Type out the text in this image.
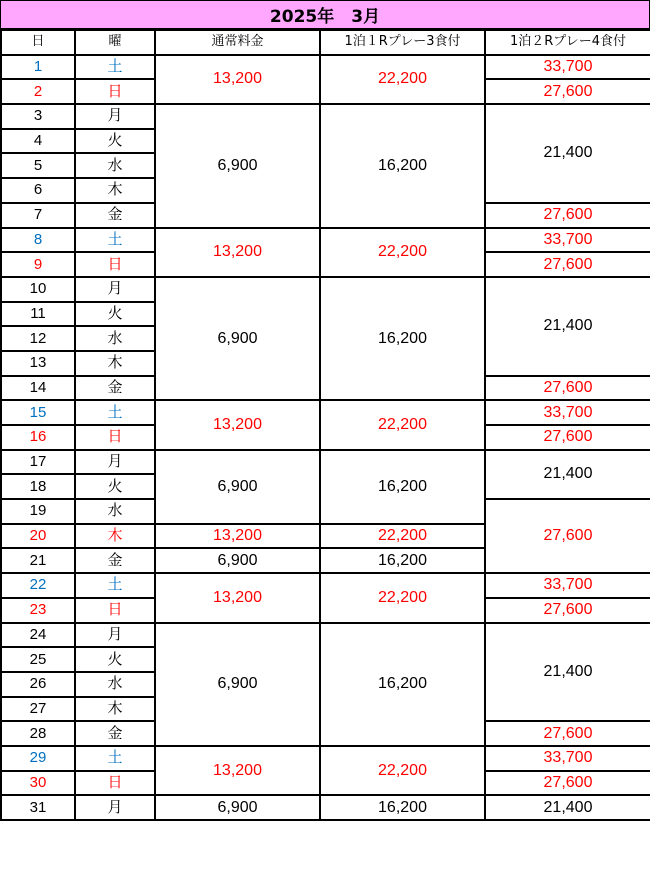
2025年　3月
日	曜	通常料金	1泊１Rプレー3食付	1泊２Rプレー4食付
1	土	13,200	22,200	33,700
2	日			27,600
3	月	6,900	16,200	21,400
4	火			
5	水			
6	木			
7	金			27,600
8	土	13,200	22,200	33,700
9	日			27,600
10	月	6,900	16,200	21,400
11	火			
12	水			
13	木			
14	金			27,600
15	土	13,200	22,200	33,700
16	日			27,600
17	月	6,900	16,200	21,400
18	火			
19	水			27,600
20	木	13,200	22,200	
21	金	6,900	16,200	
22	土	13,200	22,200	33,700
23	日			27,600
24	月	6,900	16,200	21,400
25	火			
26	水			
27	木			
28	金			27,600
29	土	13,200	22,200	33,700
30	日			27,600
31	月	6,900	16,200	21,400
